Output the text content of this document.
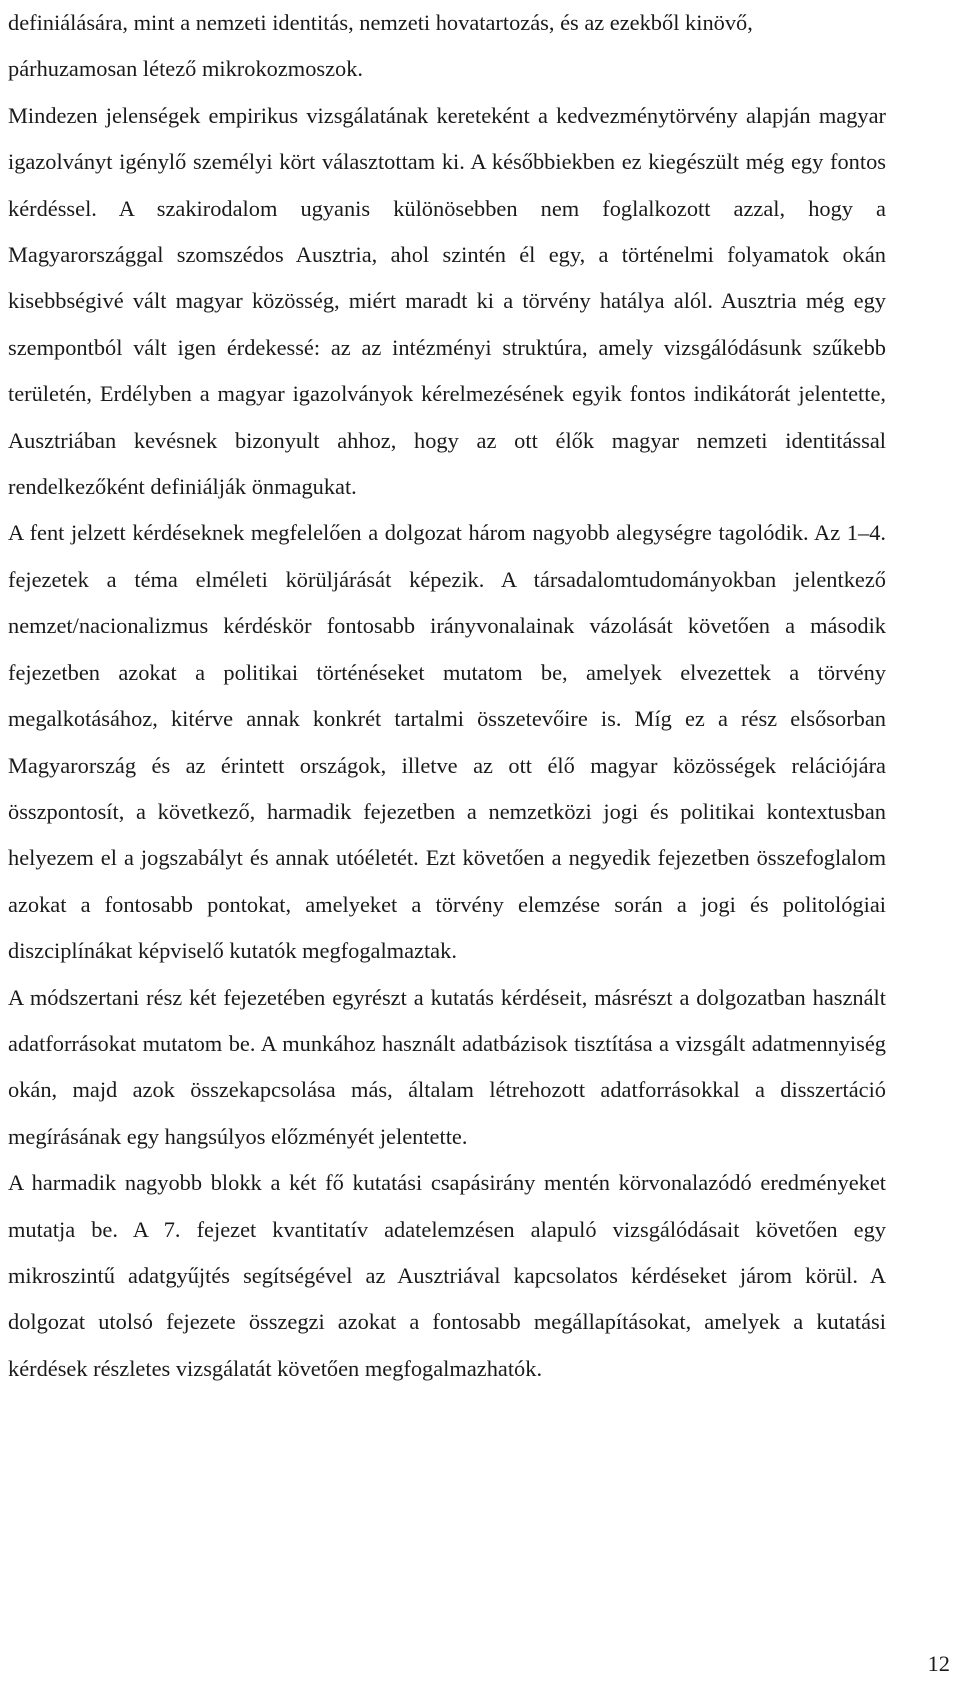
definiálására, mint a nemzeti identitás, nemzeti hovatartozás, és az ezekből kinövő, párhuzamosan létező mikrokozmoszok.

Mindezen jelenségek empirikus vizsgálatának kereteként a kedvezménytörvény alapján magyar igazolványt igénylő személyi kört választottam ki. A későbbiekben ez kiegészült még egy fontos kérdéssel. A szakirodalom ugyanis különösebben nem foglalkozott azzal, hogy a Magyarországgal szomszédos Ausztria, ahol szintén él egy, a történelmi folyamatok okán kisebbségivé vált magyar közösség, miért maradt ki a törvény hatálya alól. Ausztria még egy szempontból vált igen érdekessé: az az intézményi struktúra, amely vizsgálódásunk szűkebb területén, Erdélyben a magyar igazolványok kérelmezésének egyik fontos indikátorát jelentette, Ausztriában kevésnek bizonyult ahhoz, hogy az ott élők magyar nemzeti identitással rendelkezőként definiálják önmagukat.

A fent jelzett kérdéseknek megfelelően a dolgozat három nagyobb alegységre tagolódik. Az 1–4. fejezetek a téma elméleti körüljárását képezik. A társadalomtudományokban jelentkező nemzet/nacionalizmus kérdéskör fontosabb irányvonalainak vázolását követően a második fejezetben azokat a politikai történéseket mutatom be, amelyek elvezettek a törvény megalkotásához, kitérve annak konkrét tartalmi összetevőire is. Míg ez a rész elsősorban Magyarország és az érintett országok, illetve az ott élő magyar közösségek relációjára összpontosít, a következő, harmadik fejezetben a nemzetközi jogi és politikai kontextusban helyezem el a jogszabályt és annak utóéletét. Ezt követően a negyedik fejezetben összefoglalom azokat a fontosabb pontokat, amelyeket a törvény elemzése során a jogi és politológiai diszciplínákat képviselő kutatók megfogalmaztak.

A módszertani rész két fejezetében egyrészt a kutatás kérdéseit, másrészt a dolgozatban használt adatforrásokat mutatom be. A munkához használt adatbázisok tisztítása a vizsgált adatmennyiség okán, majd azok összekapcsolása más, általam létrehozott adatforrásokkal a disszertáció megírásának egy hangsúlyos előzményét jelentette.

A harmadik nagyobb blokk a két fő kutatási csapásirány mentén körvonalazódó eredményeket mutatja be. A 7. fejezet kvantitatív adatelemzésen alapuló vizsgálódásait követően egy mikroszintű adatgyűjtés segítségével az Ausztriával kapcsolatos kérdéseket járom körül. A dolgozat utolsó fejezete összegzi azokat a fontosabb megállapításokat, amelyek a kutatási kérdések részletes vizsgálatát követően megfogalmazhatók.

12
